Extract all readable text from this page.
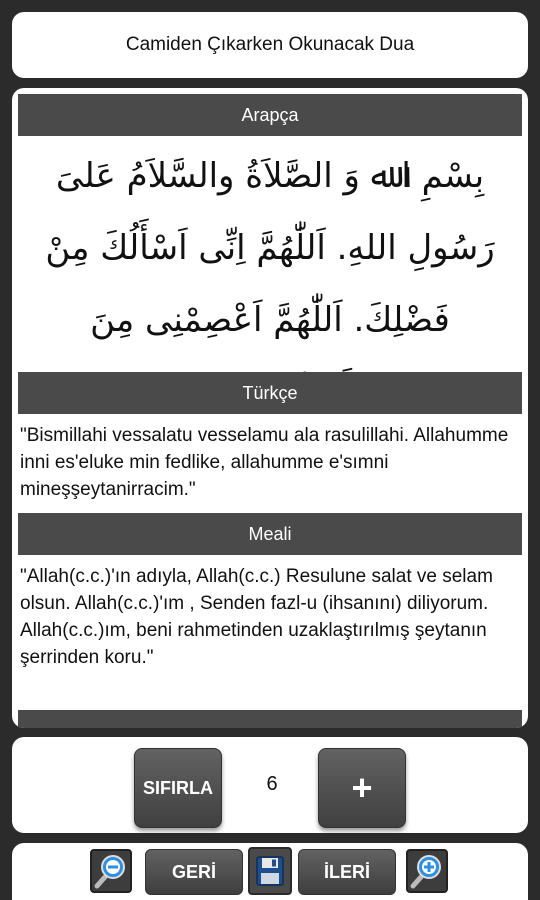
Camiden Çıkarken Okunacak Dua
Arapça
بِسْمِ ا ﷲ وَ الصَّلاَةُ والسَّلاَمُ عَلىَ رَسُولِ اللهِ. اَللّٰهُمَّ اِنِّى اَسْأَلُكَ مِنْ فَضْلِكَ. اَللّٰهُمَّ اَعْصِمْنِى مِنَ
Türkçe
"Bismillahi vessalatu vesselamu ala rasulillahi. Allahumme inni es'eluke min fedlike, allahumme e'sımni mineşşeytanirracim."
Meali
"Allah(c.c.)'ın adıyla, Allah(c.c.) Resulune salat ve selam olsun. Allah(c.c.)'ım , Senden fazl-u (ihsanını) diliyorum. Allah(c.c.)ım, beni rahmetinden uzaklaştırılmış şeytanın şerrinden koru."
SIFIRLA	6	+
GERİ	İLERİ
